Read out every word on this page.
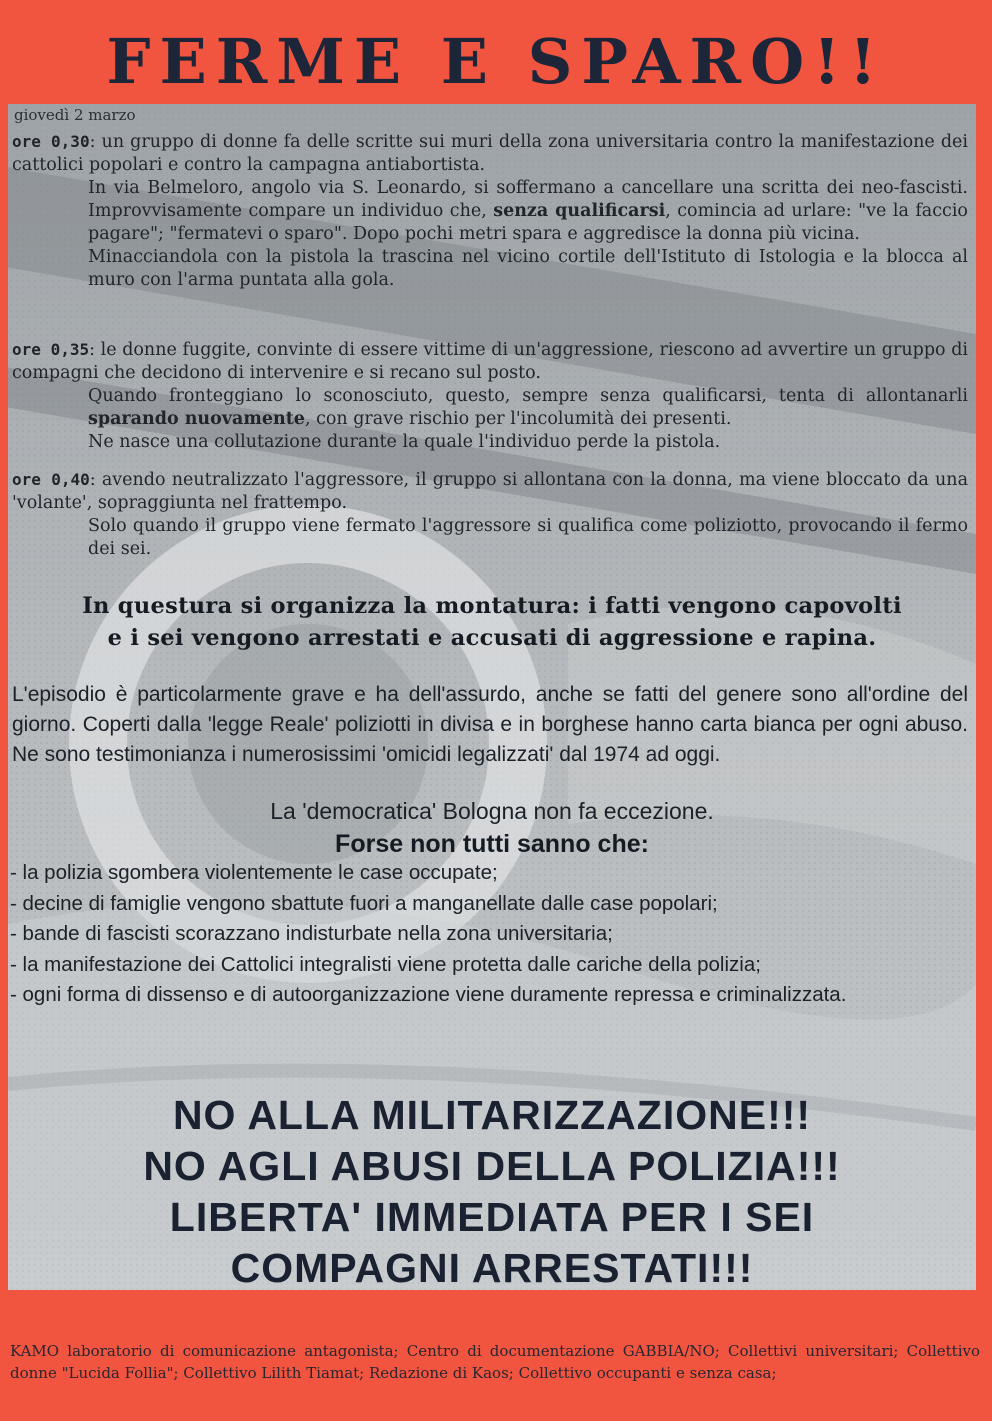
FERME E SPARO!!
giovedì 2 marzo

ore 0,30: un gruppo di donne fa delle scritte sui muri della zona universitaria contro la manifestazione dei cattolici popolari e contro la campagna antiabortista.

In via Belmeloro, angolo via S. Leonardo, si soffermano a cancellare una scritta dei neo-fascisti. Improvvisamente compare un individuo che, senza qualificarsi, comincia ad urlare: "ve la faccio pagare"; "fermatevi o sparo". Dopo pochi metri spara e aggredisce la donna più vicina.

Minacciandola con la pistola la trascina nel vicino cortile dell'Istituto di Istologia e la blocca al muro con l'arma puntata alla gola.

ore 0,35: le donne fuggite, convinte di essere vittime di un'aggressione, riescono ad avvertire un gruppo di compagni che decidono di intervenire e si recano sul posto.

Quando fronteggiano lo sconosciuto, questo, sempre senza qualificarsi, tenta di allontanarli sparando nuovamente, con grave rischio per l'incolumità dei presenti.

Ne nasce una collutazione durante la quale l'individuo perde la pistola.

ore 0,40: avendo neutralizzato l'aggressore, il gruppo si allontana con la donna, ma viene bloccato da una 'volante', sopraggiunta nel frattempo.

Solo quando il gruppo viene fermato l'aggressore si qualifica come poliziotto, provocando il fermo dei sei.

In questura si organizza la montatura: i fatti vengono capovolti
e i sei vengono arrestati e accusati di aggressione e rapina.
L'episodio è particolarmente grave e ha dell'assurdo, anche se fatti del genere sono all'ordine del giorno. Coperti dalla 'legge Reale' poliziotti in divisa e in borghese hanno carta bianca per ogni abuso. Ne sono testimonianza i numerosissimi 'omicidi legalizzati' dal 1974 ad oggi.
La 'democratica' Bologna non fa eccezione.
Forse non tutti sanno che:
- la polizia sgombera violentemente le case occupate;
- decine di famiglie vengono sbattute fuori a manganellate dalle case popolari;
- bande di fascisti scorazzano indisturbate nella zona universitaria;
- la manifestazione dei Cattolici integralisti viene protetta dalle cariche della polizia;
- ogni forma di dissenso e di autoorganizzazione viene duramente repressa e criminalizzata.
NO ALLA MILITARIZZAZIONE!!!
NO AGLI ABUSI DELLA POLIZIA!!!
LIBERTA' IMMEDIATA PER I SEI
COMPAGNI ARRESTATI!!!
KAMO laboratorio di comunicazione antagonista; Centro di documentazione GABBIA/NO; Collettivi universitari; Collettivo donne "Lucida Follia"; Collettivo Lilith Tiamat; Redazione di Kaos; Collettivo occupanti e senza casa;
